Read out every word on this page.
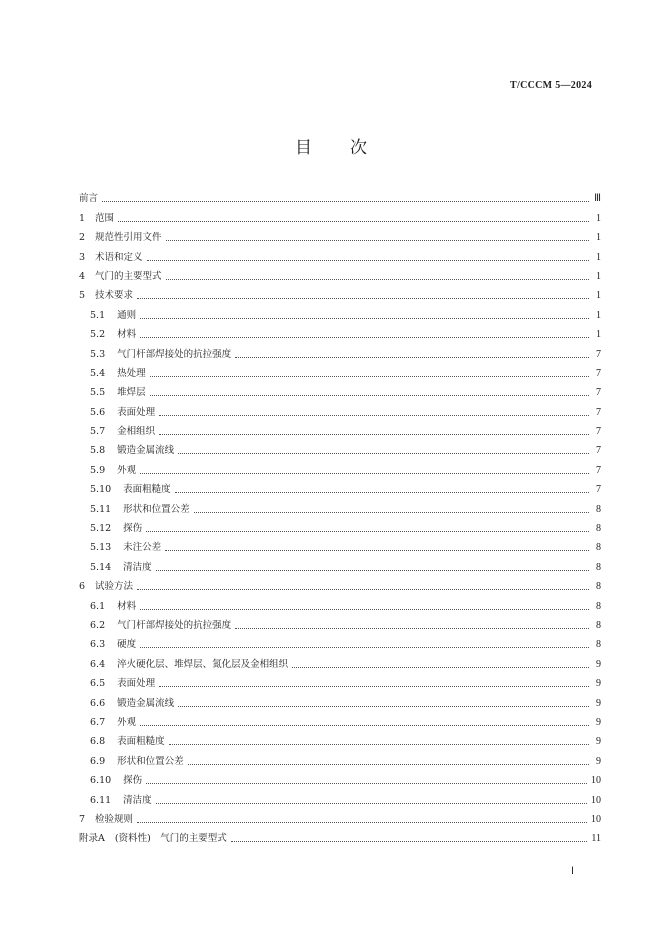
T/CCCM 5—2024
目次
前言	Ⅲ
1 范围	1
2 规范性引用文件	1
3 术语和定义	1
4 气门的主要型式	1
5 技术要求	1
5.1 通则	1
5.2 材料	1
5.3 气门杆部焊接处的抗拉强度	7
5.4 热处理	7
5.5 堆焊层	7
5.6 表面处理	7
5.7 金相组织	7
5.8 锻造金属流线	7
5.9 外观	7
5.10 表面粗糙度	7
5.11 形状和位置公差	8
5.12 探伤	8
5.13 未注公差	8
5.14 清洁度	8
6 试验方法	8
6.1 材料	8
6.2 气门杆部焊接处的抗拉强度	8
6.3 硬度	8
6.4 淬火硬化层、堆焊层、氮化层及金相组织	9
6.5 表面处理	9
6.6 锻造金属流线	9
6.7 外观	9
6.8 表面粗糙度	9
6.9 形状和位置公差	9
6.10 探伤	10
6.11 清洁度	10
7 检验规则	10
附录A (资料性)　气门的主要型式	11
Ⅰ
